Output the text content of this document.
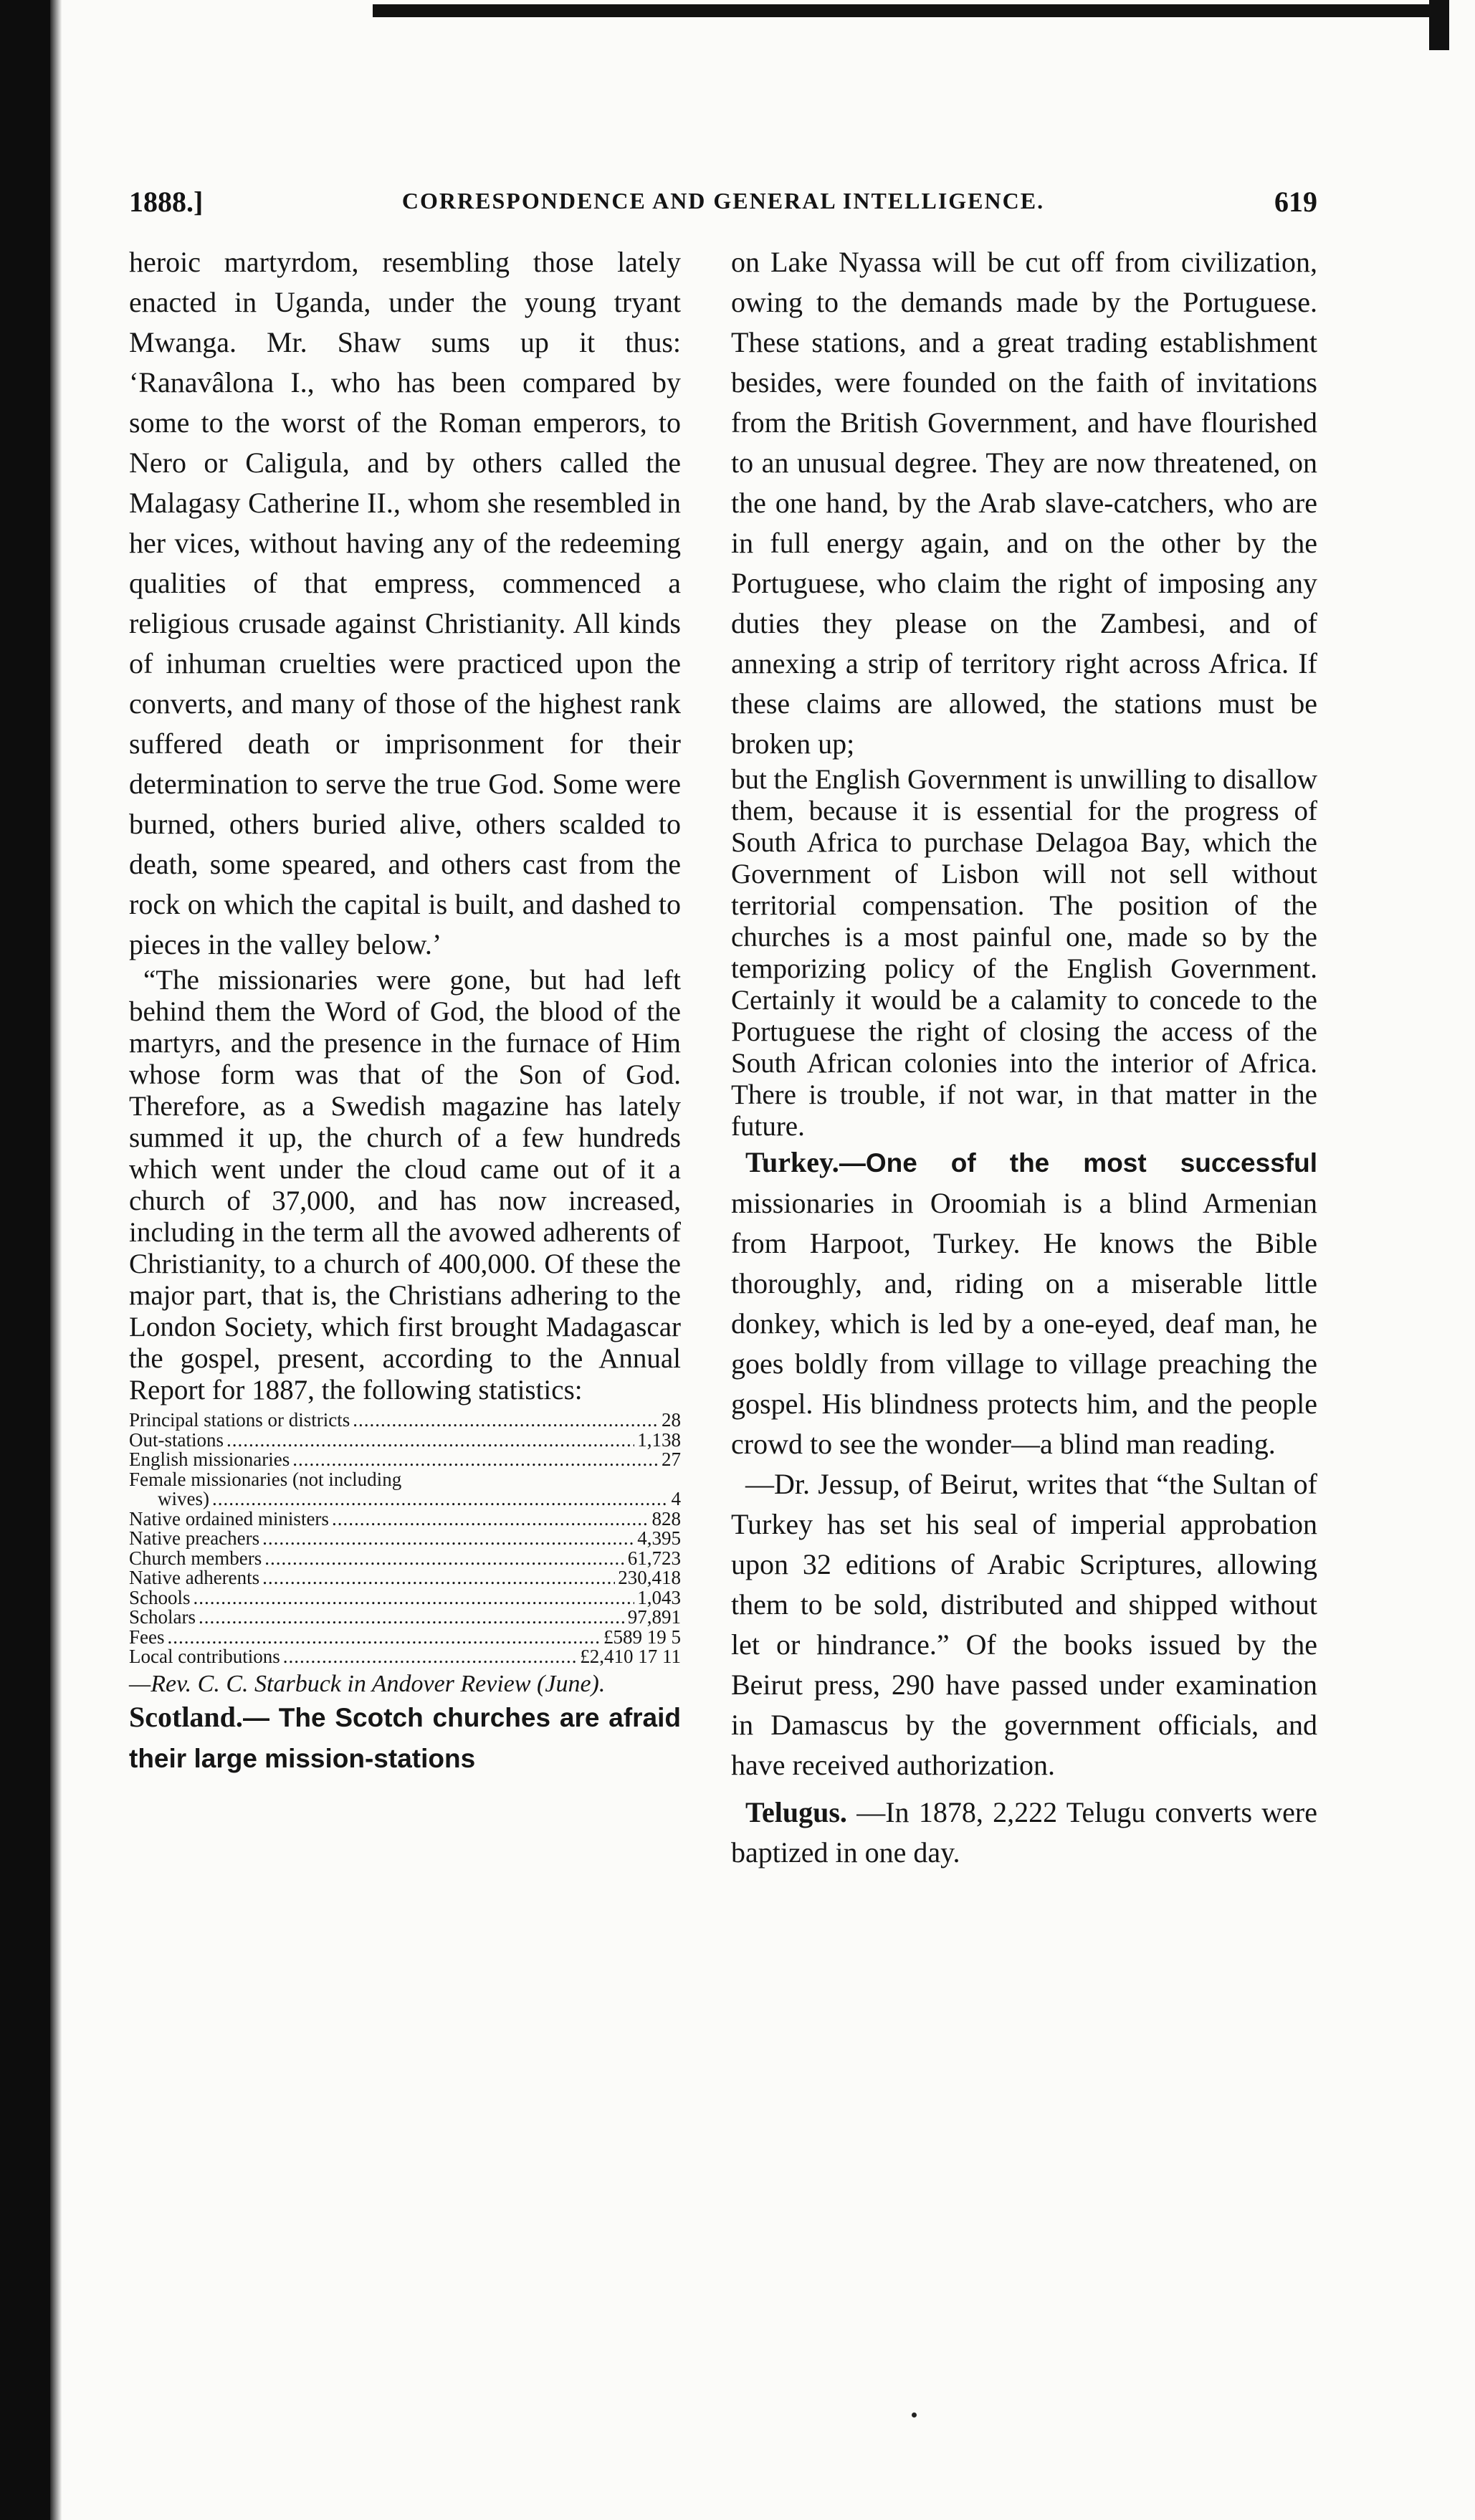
1888.]	CORRESPONDENCE AND GENERAL INTELLIGENCE.	619

heroic martyrdom, resembling those lately enacted in Uganda, under the young tryant Mwanga. Mr. Shaw sums up it thus: ‘Ranavâlona I., who has been compared by some to the worst of the Roman emperors, to Nero or Caligula, and by others called the Malagasy Catherine II., whom she resembled in her vices, without having any of the redeeming qualities of that empress, commenced a religious crusade against Christianity. All kinds of inhuman cruelties were practiced upon the converts, and many of those of the highest rank suffered death or imprisonment for their determination to serve the true God. Some were burned, others buried alive, others scalded to death, some speared, and others cast from the rock on which the capital is built, and dashed to pieces in the valley below.’

“The missionaries were gone, but had left behind them the Word of God, the blood of the martyrs, and the presence in the furnace of Him whose form was that of the Son of God. Therefore, as a Swedish magazine has lately summed it up, the church of a few hundreds which went under the cloud came out of it a church of 37,000, and has now increased, including in the term all the avowed adherents of Christianity, to a church of 400,000. Of these the major part, that is, the Christians adhering to the London Society, which first brought Madagascar the gospel, present, according to the Annual Report for 1887, the following statistics:

Principal stations or districts .....	28
Out-stations .....	1,138
English missionaries .....	27
Female missionaries (not including
wives) .....	4
Native ordained ministers .....	828
Native preachers .....	4,395
Church members .....	61,723
Native adherents .....	230,418
Schools .....	1,043
Scholars .....	97,891
Fees .....	£589 19 5
Local contributions .....	£2,410 17 11

—Rev. C. C. Starbuck in Andover Review (June).

Scotland.— The Scotch churches are afraid their large mission-stations

on Lake Nyassa will be cut off from civilization, owing to the demands made by the Portuguese. These stations, and a great trading establishment besides, were founded on the faith of invitations from the British Government, and have flourished to an unusual degree. They are now threatened, on the one hand, by the Arab slave-catchers, who are in full energy again, and on the other by the Portuguese, who claim the right of imposing any duties they please on the Zambesi, and of annexing a strip of territory right across Africa. If these claims are allowed, the stations must be broken up;

but the English Government is unwilling to disallow them, because it is essential for the progress of South Africa to purchase Delagoa Bay, which the Government of Lisbon will not sell without territorial compensation. The position of the churches is a most painful one, made so by the temporizing policy of the English Government. Certainly it would be a calamity to concede to the Portuguese the right of closing the access of the South African colonies into the interior of Africa. There is trouble, if not war, in that matter in the future.

Turkey.—One of the most successful missionaries in Oroomiah is a blind Armenian from Harpoot, Turkey. He knows the Bible thoroughly, and, riding on a miserable little donkey, which is led by a one-eyed, deaf man, he goes boldly from village to village preaching the gospel. His blindness protects him, and the people crowd to see the wonder—a blind man reading.

—Dr. Jessup, of Beirut, writes that “the Sultan of Turkey has set his seal of imperial approbation upon 32 editions of Arabic Scriptures, allowing them to be sold, distributed and shipped without let or hindrance.” Of the books issued by the Beirut press, 290 have passed under examination in Damascus by the government officials, and have received authorization.

Telugus. —In 1878, 2,222 Telugu converts were baptized in one day.
